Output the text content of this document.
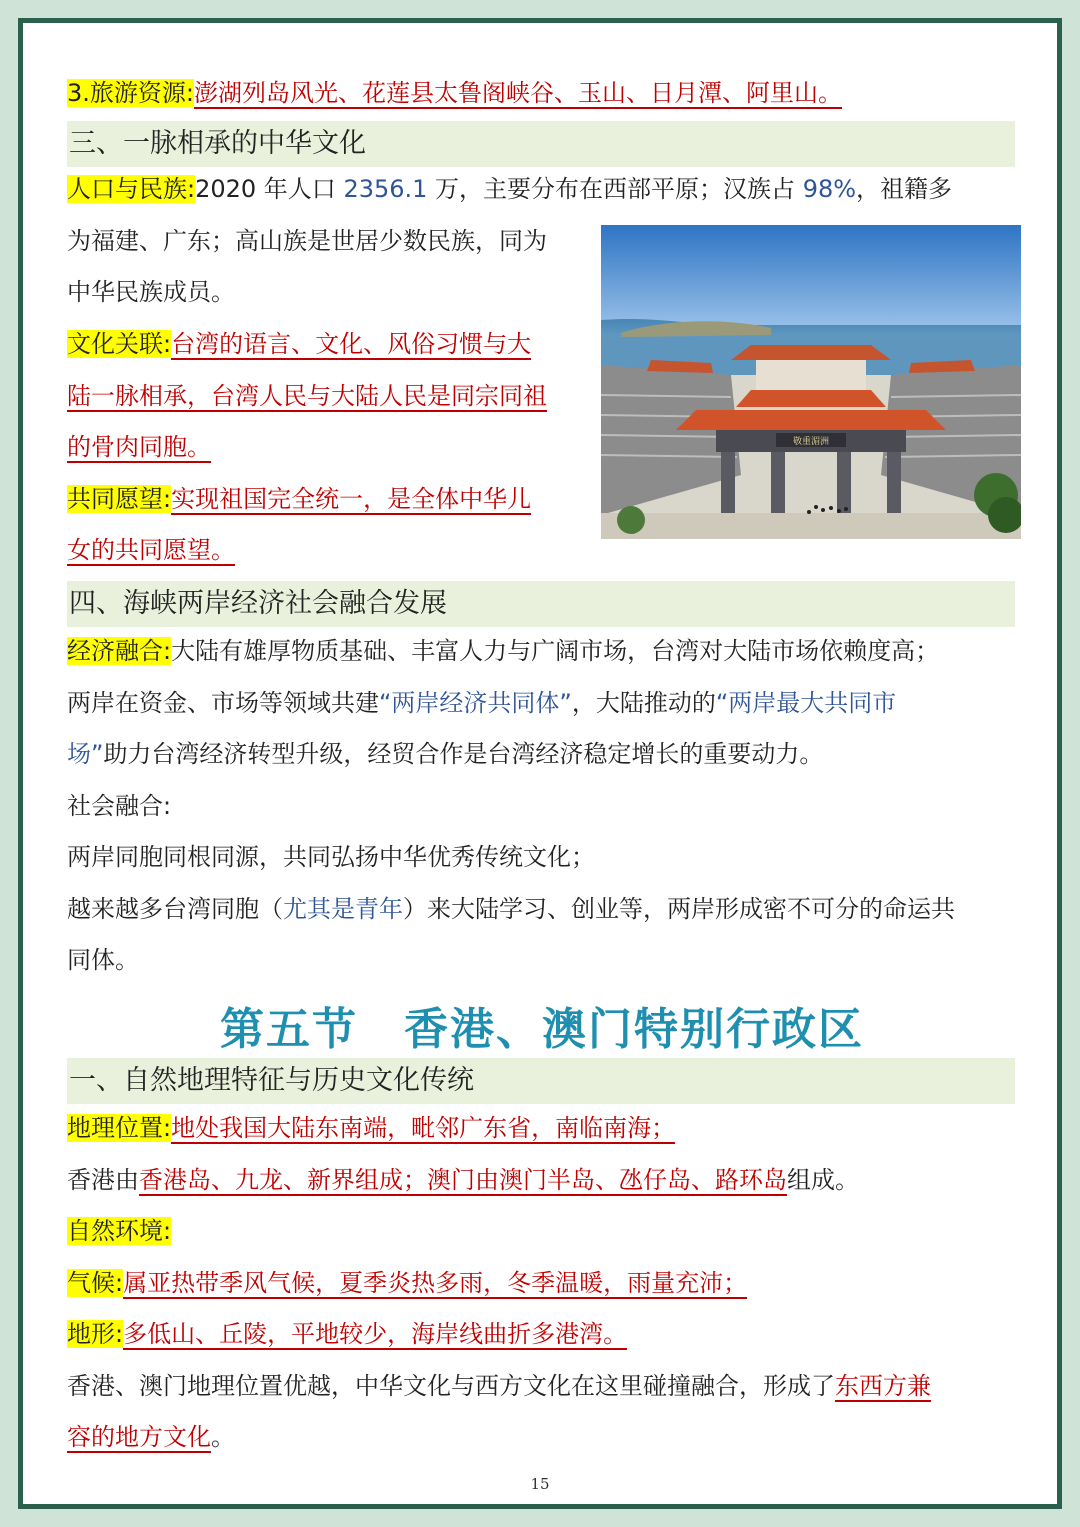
3.旅游资源:澎湖列岛风光、花莲县太鲁阁峡谷、玉山、日月潭、阿里山。
三、一脉相承的中华文化
人口与民族:2020 年人口 2356.1 万，主要分布在西部平原；汉族占 98%，祖籍多
为福建、广东；高山族是世居少数民族，同为
中华民族成员。
文化关联:台湾的语言、文化、风俗习惯与大
陆一脉相承，台湾人民与大陆人民是同宗同祖
的骨肉同胞。
共同愿望:实现祖国完全统一，是全体中华儿
女的共同愿望。
四、海峡两岸经济社会融合发展
经济融合:大陆有雄厚物质基础、丰富人力与广阔市场，台湾对大陆市场依赖度高；
两岸在资金、市场等领域共建“两岸经济共同体”，大陆推动的“两岸最大共同市
场”助力台湾经济转型升级，经贸合作是台湾经济稳定增长的重要动力。
社会融合:
两岸同胞同根同源，共同弘扬中华优秀传统文化；
越来越多台湾同胞（尤其是青年）来大陆学习、创业等，两岸形成密不可分的命运共
同体。
第五节　香港、澳门特别行政区
一、自然地理特征与历史文化传统
地理位置:地处我国大陆东南端，毗邻广东省，南临南海；
香港由香港岛、九龙、新界组成；澳门由澳门半岛、氹仔岛、路环岛组成。
自然环境:
气候:属亚热带季风气候，夏季炎热多雨，冬季温暖，雨量充沛；
地形:多低山、丘陵，平地较少，海岸线曲折多港湾。
香港、澳门地理位置优越，中华文化与西方文化在这里碰撞融合，形成了东西方兼
容的地方文化。
敬重湄洲
15
